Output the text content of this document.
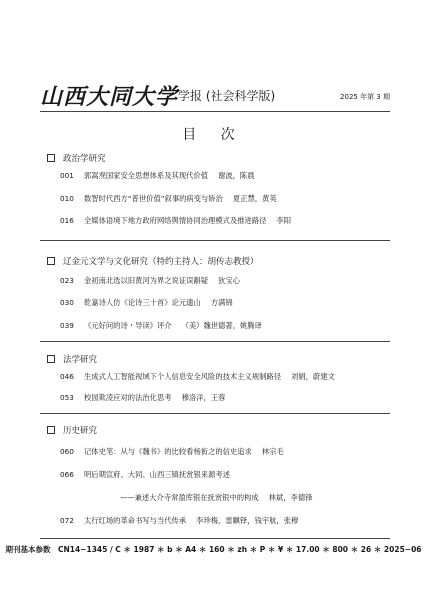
山西大同大学 学报 (社会科学版)	2025 年第 3 期
目 次
政治学研究
001 郭嵩焘国家安全思想体系及其现代价值 谢波，陈晨
010 数智时代西方“普世价值”叙事的病变与矫治 夏正慧，黄英
016 全媒体语境下地方政府网络舆情协同治理模式及推进路径 李阳
辽金元文学与文化研究（特约主持人：胡传志教授）
023 金初南北选以旧黄河为界之说证误斠疑 狄宝心
030 乾嘉诗人仿《论诗三十首》论元遗山 方满锦
039 《元好问的诗・导读》评介 （美）魏世德著，姚腾译
法学研究
046 生成式人工智能视域下个人信息安全风险的技术主义规制路径 刘娟，蔚建文
053 校园欺凌应对的法治化思考 穆洛洋，王蓉
历史研究
060 记体史笔：从与《魏书》的比较看杨衒之的信史追求 林宗毛
066 明后期宣府、大同、山西三镇抚赏银来源考述
——兼述大介寺常盈库银在抚赏银中的构成 林斌，李德锋
072 太行红场的革命书写与当代传承 李珍梅，雷麒铎，钱宇航，张穆
期刊基本参数　CN14−1345 / C ＊ 1987 ＊ b ＊ A4 ＊ 160 ＊ zh ＊ P ＊ ¥ ＊ 17.00 ＊ 800 ＊ 26 ＊ 2025−06
